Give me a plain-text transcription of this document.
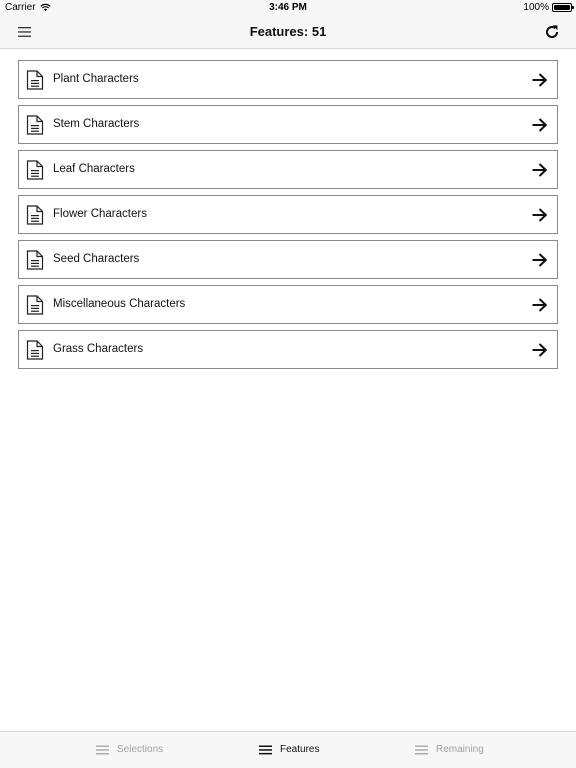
Carrier	3:46 PM	100%
Features: 51
Plant Characters
Stem Characters
Leaf Characters
Flower Characters
Seed Characters
Miscellaneous Characters
Grass Characters
Selections	Features	Remaining
